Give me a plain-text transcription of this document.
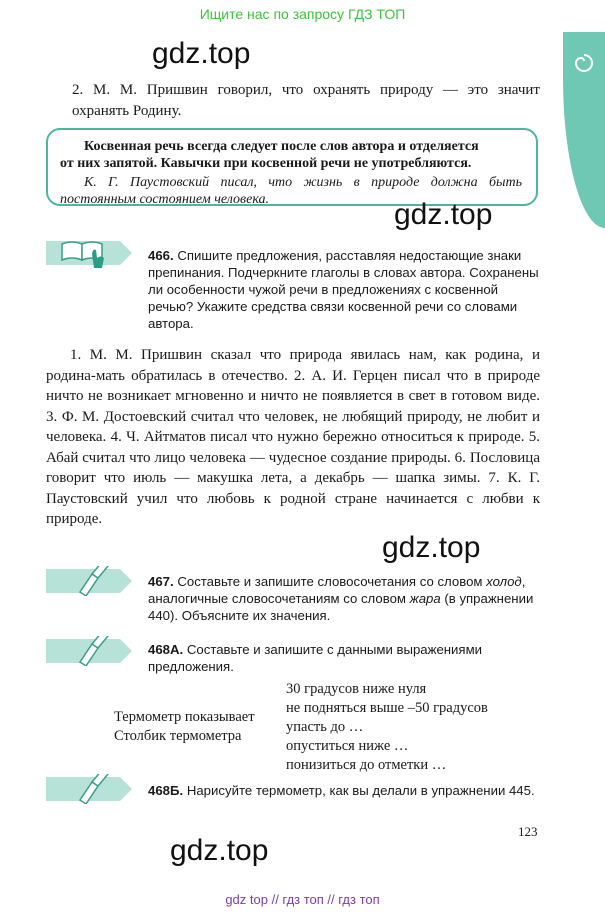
Ищите нас по запросу ГДЗ ТОП
gdz.top
2. М. М. Пришвин говорил, что охранять природу — это значит охранять Родину.
Косвенная речь всегда следует после слов автора и отделяется
от них запятой. Кавычки при косвенной речи не употребляются.
К. Г. Паустовский писал, что жизнь в природе должна быть постоянным состоянием человека.	gdz.top
466. Спишите предложения, расставляя недостающие знаки препинания. Подчеркните глаголы в словах автора. Сохранены ли особенности чужой речи в предложениях с косвенной речью? Укажите средства связи косвенной речи со словами автора.
1. М. М. Пришвин сказал что природа явилась нам, как родина, и родина-мать обратилась в отечество. 2. А. И. Герцен писал что в природе ничто не возникает мгновенно и ничто не появляется в свет в готовом виде. 3. Ф. М. Достоевский считал что человек, не любящий природу, не любит и человека. 4. Ч. Айтматов писал что нужно бережно относиться к природе. 5. Абай считал что лицо человека — чудесное создание природы. 6. Пословица говорит что июль — макушка лета, а декабрь — шапка зимы. 7. К. Г. Паустовский учил что любовь к родной стране начинается с любви к природе.
gdz.top
467. Составьте и запишите словосочетания со словом холод, аналогичные словосочетаниям со словом жара (в упражнении 440). Объясните их значения.
468А. Составьте и запишите с данными выражениями предложения.
Термометр показывает
Столбик термометра
30 градусов ниже нуля
не подняться выше –50 градусов
упасть до …
опуститься ниже …
понизиться до отметки …
468Б. Нарисуйте термометр, как вы делали в упражнении 445.
123
gdz.top
gdz top // гдз топ // гдз топ
